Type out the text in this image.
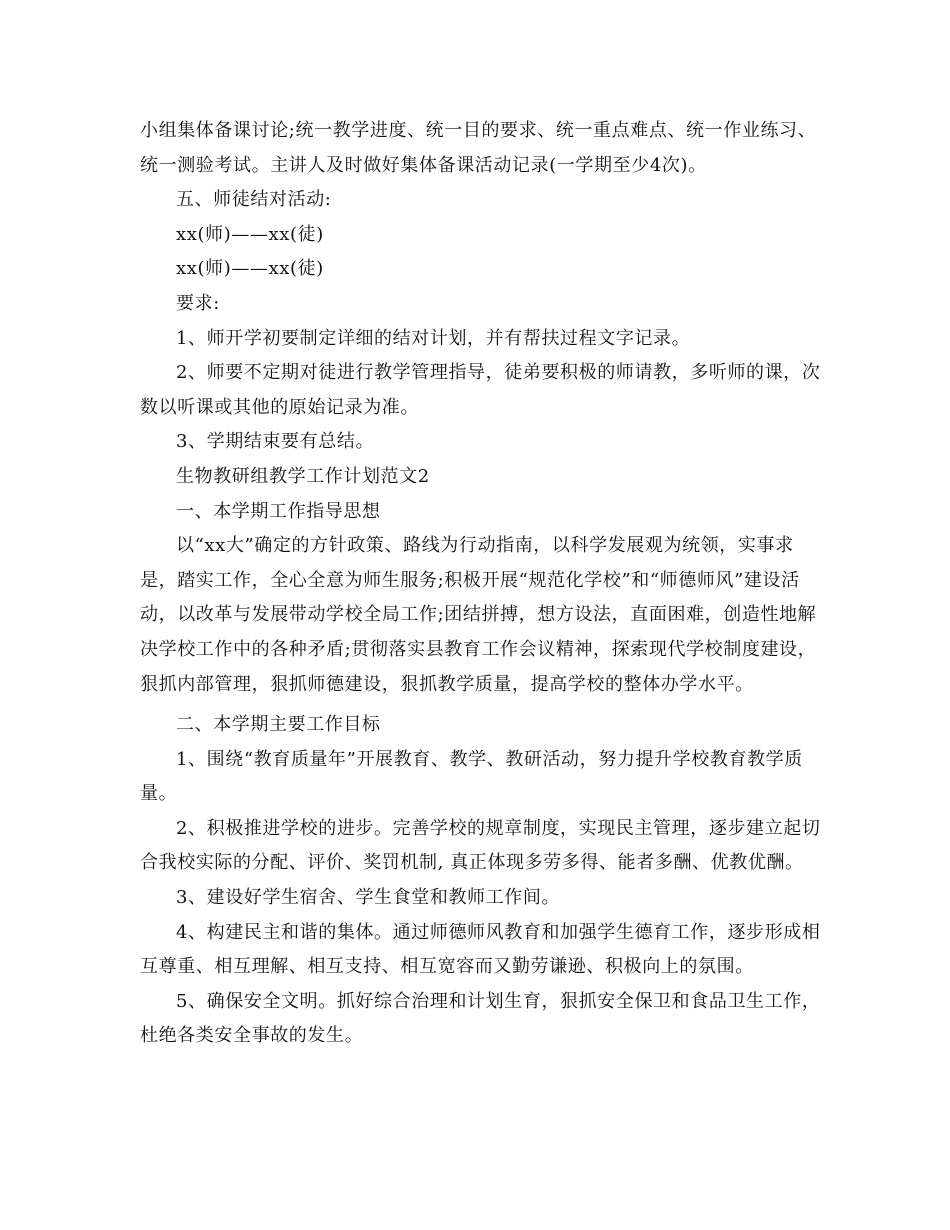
小组集体备课讨论;统一教学进度、统一目的要求、统一重点难点、统一作业练习、统一测验考试。主讲人及时做好集体备课活动记录(一学期至少4次)。

五、师徒结对活动:

xx(师)——xx(徒)

xx(师)——xx(徒)

要求:

1、师开学初要制定详细的结对计划，并有帮扶过程文字记录。

2、师要不定期对徒进行教学管理指导，徒弟要积极的师请教，多听师的课，次数以听课或其他的原始记录为准。

3、学期结束要有总结。

生物教研组教学工作计划范文2

一、本学期工作指导思想

以“xx大”确定的方针政策、路线为行动指南，以科学发展观为统领，实事求是，踏实工作，全心全意为师生服务;积极开展“规范化学校”和“师德师风”建设活动，以改革与发展带动学校全局工作;团结拼搏，想方设法，直面困难，创造性地解决学校工作中的各种矛盾;贯彻落实县教育工作会议精神，探索现代学校制度建设，狠抓内部管理，狠抓师德建设，狠抓教学质量，提高学校的整体办学水平。

二、本学期主要工作目标

1、围绕“教育质量年”开展教育、教学、教研活动，努力提升学校教育教学质量。

2、积极推进学校的进步。完善学校的规章制度，实现民主管理，逐步建立起切合我校实际的分配、评价、奖罚机制, 真正体现多劳多得、能者多酬、优教优酬。

3、建设好学生宿舍、学生食堂和教师工作间。

4、构建民主和谐的集体。通过师德师风教育和加强学生德育工作，逐步形成相互尊重、相互理解、相互支持、相互宽容而又勤劳谦逊、积极向上的氛围。

5、确保安全文明。抓好综合治理和计划生育，狠抓安全保卫和食品卫生工作，杜绝各类安全事故的发生。
